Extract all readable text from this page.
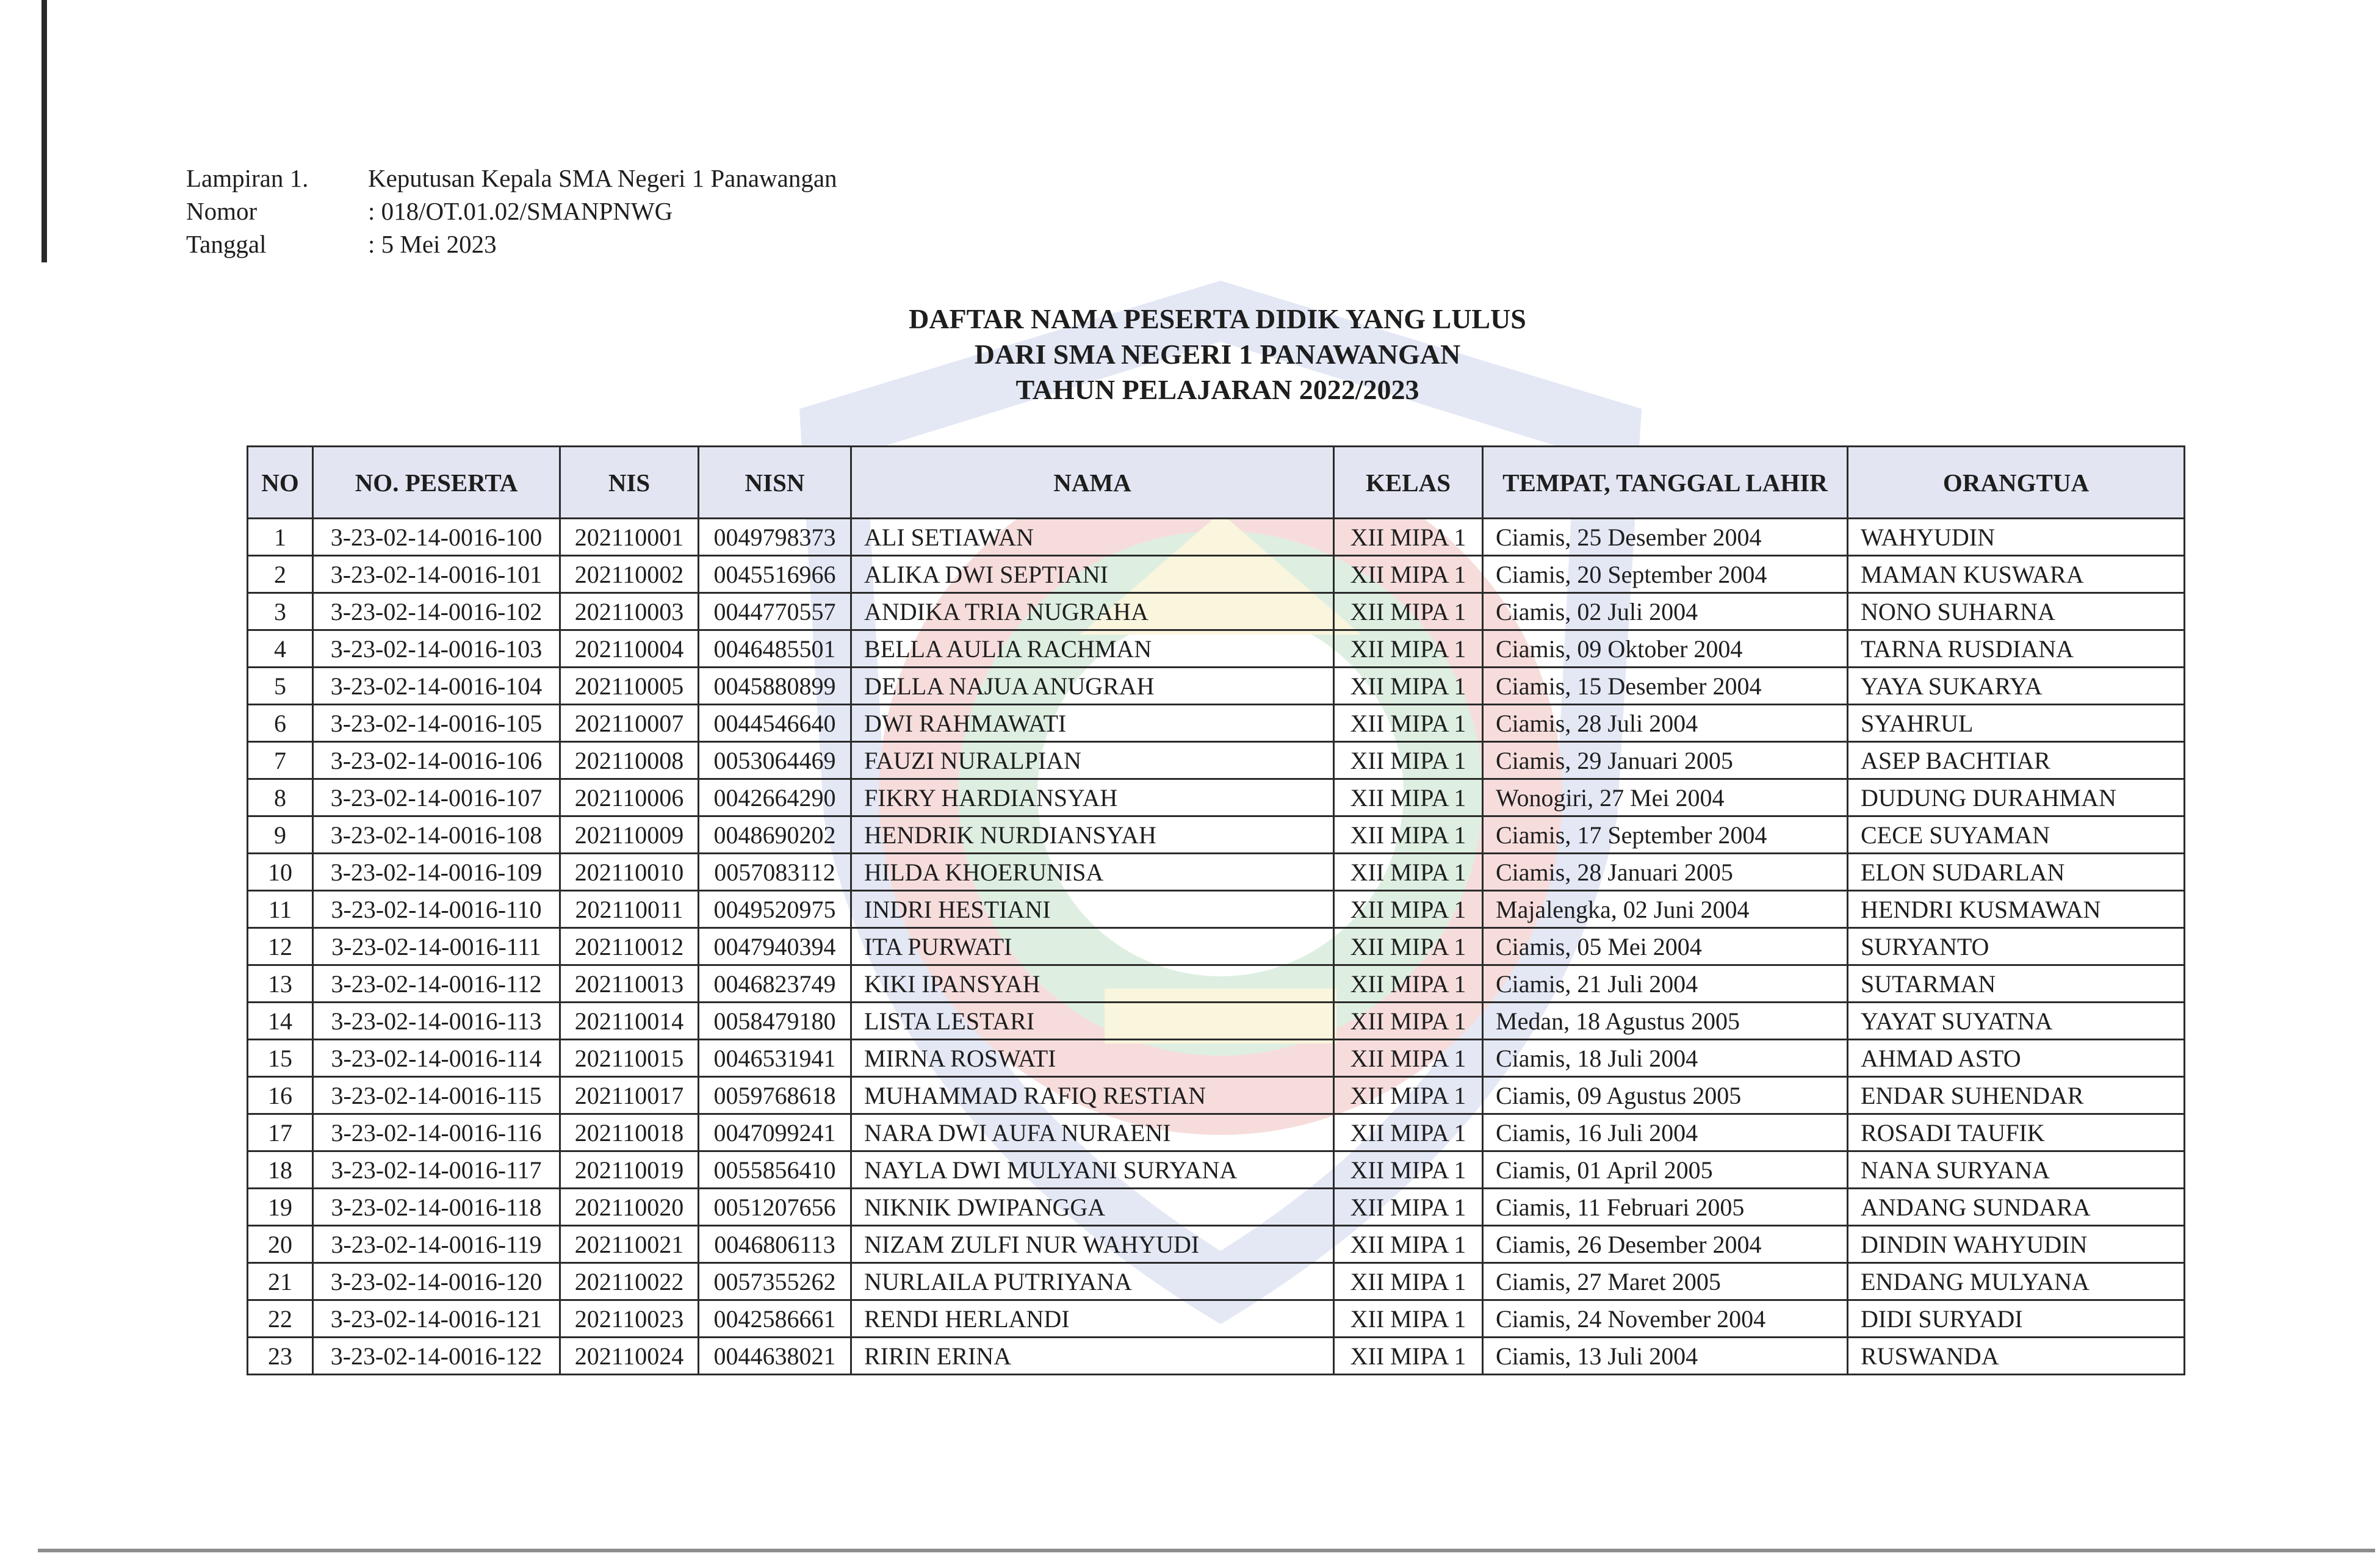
Lampiran 1.	Keputusan Kepala SMA Negeri 1 Panawangan
Nomor	: 018/OT.01.02/SMANPNWG
Tanggal	: 5 Mei 2023
DAFTAR NAMA PESERTA DIDIK YANG LULUS
DARI SMA NEGERI 1 PANAWANGAN
TAHUN PELAJARAN 2022/2023
NO	NO. PESERTA	NIS	NISN	NAMA	KELAS	TEMPAT, TANGGAL LAHIR	ORANGTUA
1	3-23-02-14-0016-100	202110001	0049798373	ALI SETIAWAN	XII MIPA 1	Ciamis, 25 Desember 2004	WAHYUDIN
2	3-23-02-14-0016-101	202110002	0045516966	ALIKA DWI SEPTIANI	XII MIPA 1	Ciamis, 20 September 2004	MAMAN KUSWARA
3	3-23-02-14-0016-102	202110003	0044770557	ANDIKA TRIA NUGRAHA	XII MIPA 1	Ciamis, 02 Juli 2004	NONO SUHARNA
4	3-23-02-14-0016-103	202110004	0046485501	BELLA AULIA RACHMAN	XII MIPA 1	Ciamis, 09 Oktober 2004	TARNA RUSDIANA
5	3-23-02-14-0016-104	202110005	0045880899	DELLA NAJUA ANUGRAH	XII MIPA 1	Ciamis, 15 Desember 2004	YAYA SUKARYA
6	3-23-02-14-0016-105	202110007	0044546640	DWI RAHMAWATI	XII MIPA 1	Ciamis, 28 Juli 2004	SYAHRUL
7	3-23-02-14-0016-106	202110008	0053064469	FAUZI NURALPIAN	XII MIPA 1	Ciamis, 29 Januari 2005	ASEP BACHTIAR
8	3-23-02-14-0016-107	202110006	0042664290	FIKRY HARDIANSYAH	XII MIPA 1	Wonogiri, 27 Mei 2004	DUDUNG DURAHMAN
9	3-23-02-14-0016-108	202110009	0048690202	HENDRIK NURDIANSYAH	XII MIPA 1	Ciamis, 17 September 2004	CECE SUYAMAN
10	3-23-02-14-0016-109	202110010	0057083112	HILDA KHOERUNISA	XII MIPA 1	Ciamis, 28 Januari 2005	ELON SUDARLAN
11	3-23-02-14-0016-110	202110011	0049520975	INDRI HESTIANI	XII MIPA 1	Majalengka, 02 Juni 2004	HENDRI KUSMAWAN
12	3-23-02-14-0016-111	202110012	0047940394	ITA PURWATI	XII MIPA 1	Ciamis, 05 Mei 2004	SURYANTO
13	3-23-02-14-0016-112	202110013	0046823749	KIKI IPANSYAH	XII MIPA 1	Ciamis, 21 Juli 2004	SUTARMAN
14	3-23-02-14-0016-113	202110014	0058479180	LISTA LESTARI	XII MIPA 1	Medan, 18 Agustus 2005	YAYAT SUYATNA
15	3-23-02-14-0016-114	202110015	0046531941	MIRNA ROSWATI	XII MIPA 1	Ciamis, 18 Juli 2004	AHMAD ASTO
16	3-23-02-14-0016-115	202110017	0059768618	MUHAMMAD RAFIQ RESTIAN	XII MIPA 1	Ciamis, 09 Agustus 2005	ENDAR SUHENDAR
17	3-23-02-14-0016-116	202110018	0047099241	NARA DWI AUFA NURAENI	XII MIPA 1	Ciamis, 16 Juli 2004	ROSADI TAUFIK
18	3-23-02-14-0016-117	202110019	0055856410	NAYLA DWI MULYANI SURYANA	XII MIPA 1	Ciamis, 01 April 2005	NANA SURYANA
19	3-23-02-14-0016-118	202110020	0051207656	NIKNIK DWIPANGGA	XII MIPA 1	Ciamis, 11 Februari 2005	ANDANG SUNDARA
20	3-23-02-14-0016-119	202110021	0046806113	NIZAM ZULFI NUR WAHYUDI	XII MIPA 1	Ciamis, 26 Desember 2004	DINDIN WAHYUDIN
21	3-23-02-14-0016-120	202110022	0057355262	NURLAILA PUTRIYANA	XII MIPA 1	Ciamis, 27 Maret 2005	ENDANG MULYANA
22	3-23-02-14-0016-121	202110023	0042586661	RENDI HERLANDI	XII MIPA 1	Ciamis, 24 November 2004	DIDI SURYADI
23	3-23-02-14-0016-122	202110024	0044638021	RIRIN ERINA	XII MIPA 1	Ciamis, 13 Juli 2004	RUSWANDA
